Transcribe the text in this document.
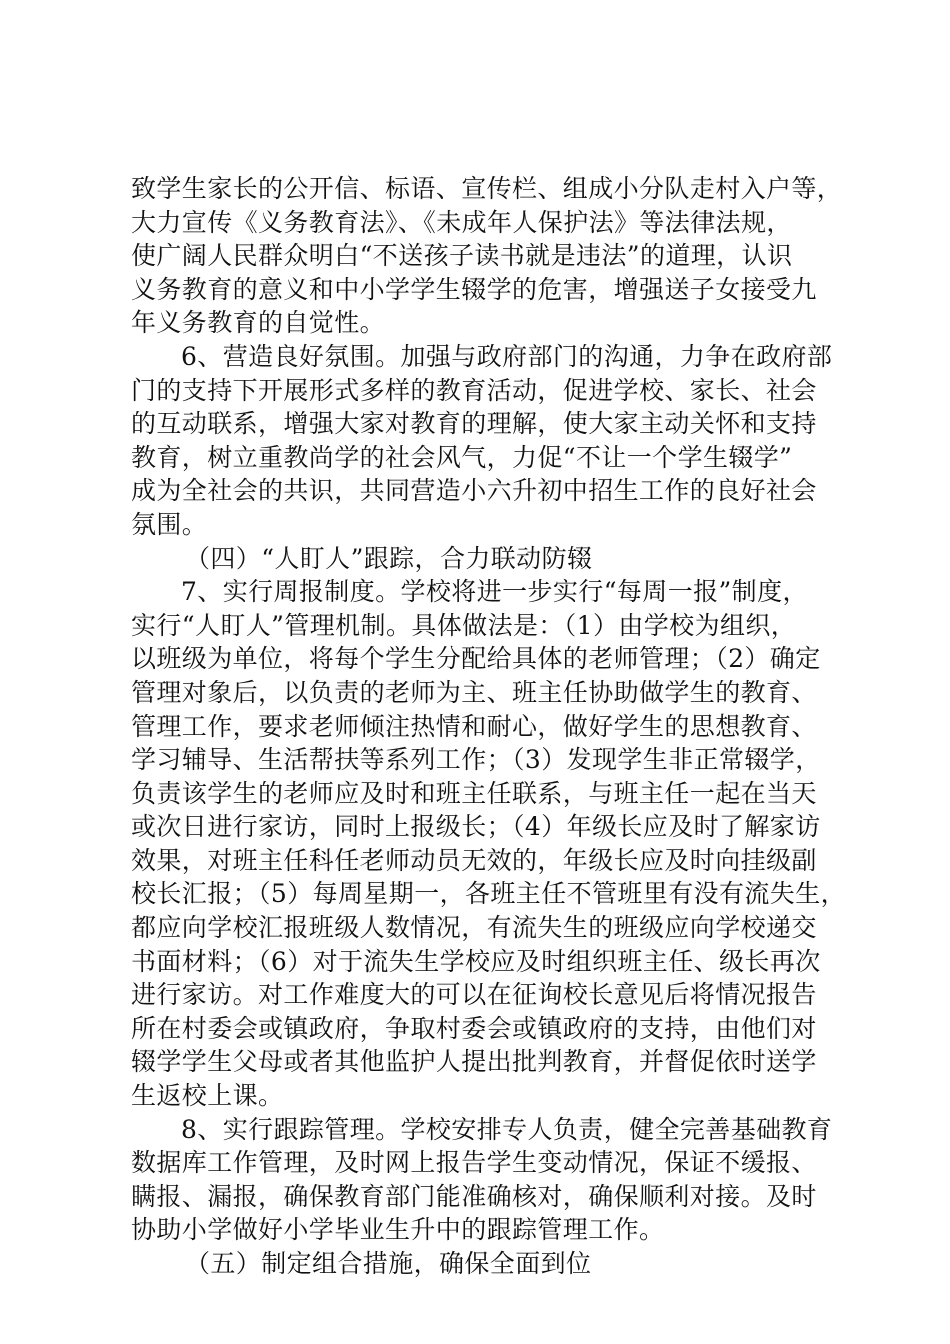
致学生家长的公开信、标语、宣传栏、组成小分队走村入户等，
大力宣传《义务教育法》、《未成年人保护法》等法律法规，
使广阔人民群众明白“不送孩子读书就是违法”的道理，认识
义务教育的意义和中小学学生辍学的危害，增强送子女接受九
年义务教育的自觉性。
6、营造良好氛围。加强与政府部门的沟通，力争在政府部
门的支持下开展形式多样的教育活动，促进学校、家长、社会
的互动联系，增强大家对教育的理解，使大家主动关怀和支持
教育，树立重教尚学的社会风气，力促“不让一个学生辍学”
成为全社会的共识，共同营造小六升初中招生工作的良好社会
氛围。
（四）“人盯人”跟踪，合力联动防辍
7、实行周报制度。学校将进一步实行“每周一报”制度，
实行“人盯人”管理机制。具体做法是：（1）由学校为组织，
以班级为单位，将每个学生分配给具体的老师管理；（2）确定
管理对象后，以负责的老师为主、班主任协助做学生的教育、
管理工作，要求老师倾注热情和耐心，做好学生的思想教育、
学习辅导、生活帮扶等系列工作；（3）发现学生非正常辍学，
负责该学生的老师应及时和班主任联系，与班主任一起在当天
或次日进行家访，同时上报级长；（4）年级长应及时了解家访
效果，对班主任科任老师动员无效的，年级长应及时向挂级副
校长汇报；（5）每周星期一，各班主任不管班里有没有流失生，
都应向学校汇报班级人数情况，有流失生的班级应向学校递交
书面材料；（6）对于流失生学校应及时组织班主任、级长再次
进行家访。对工作难度大的可以在征询校长意见后将情况报告
所在村委会或镇政府，争取村委会或镇政府的支持，由他们对
辍学学生父母或者其他监护人提出批判教育，并督促依时送学
生返校上课。
8、实行跟踪管理。学校安排专人负责，健全完善基础教育
数据库工作管理，及时网上报告学生变动情况，保证不缓报、
瞒报、漏报，确保教育部门能准确核对，确保顺利对接。及时
协助小学做好小学毕业生升中的跟踪管理工作。
（五）制定组合措施，确保全面到位
